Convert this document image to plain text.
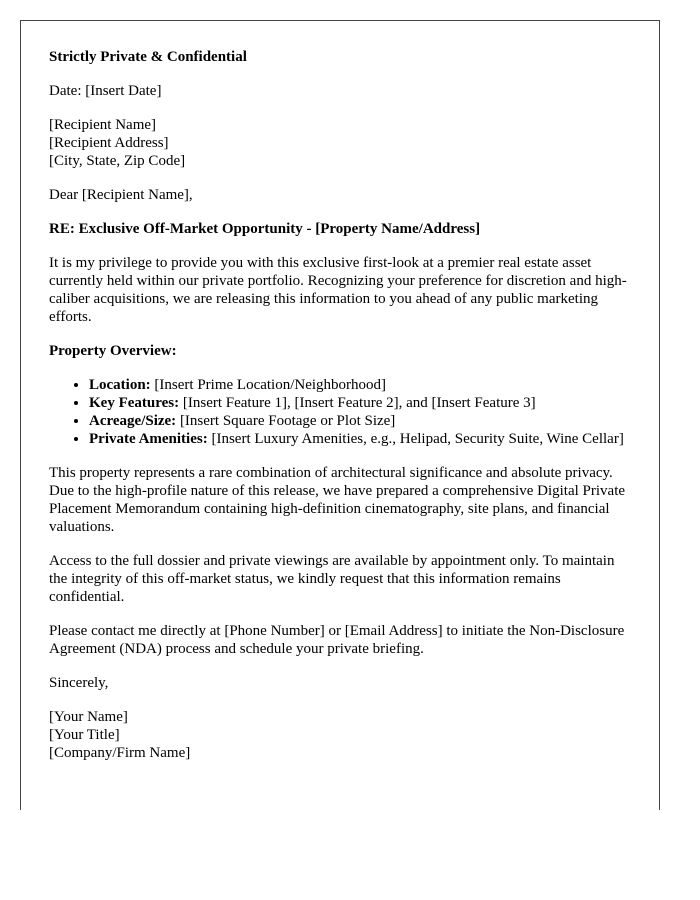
Strictly Private & Confidential

Date: [Insert Date]

[Recipient Name]
[Recipient Address]
[City, State, Zip Code]

Dear [Recipient Name],

RE: Exclusive Off-Market Opportunity - [Property Name/Address]

It is my privilege to provide you with this exclusive first-look at a premier real estate asset currently held within our private portfolio. Recognizing your preference for discretion and high-caliber acquisitions, we are releasing this information to you ahead of any public marketing efforts.

Property Overview:

• Location: [Insert Prime Location/Neighborhood]
• Key Features: [Insert Feature 1], [Insert Feature 2], and [Insert Feature 3]
• Acreage/Size: [Insert Square Footage or Plot Size]
• Private Amenities: [Insert Luxury Amenities, e.g., Helipad, Security Suite, Wine Cellar]

This property represents a rare combination of architectural significance and absolute privacy. Due to the high-profile nature of this release, we have prepared a comprehensive Digital Private Placement Memorandum containing high-definition cinematography, site plans, and financial valuations.

Access to the full dossier and private viewings are available by appointment only. To maintain the integrity of this off-market status, we kindly request that this information remains confidential.

Please contact me directly at [Phone Number] or [Email Address] to initiate the Non-Disclosure Agreement (NDA) process and schedule your private briefing.

Sincerely,

[Your Name]
[Your Title]
[Company/Firm Name]
